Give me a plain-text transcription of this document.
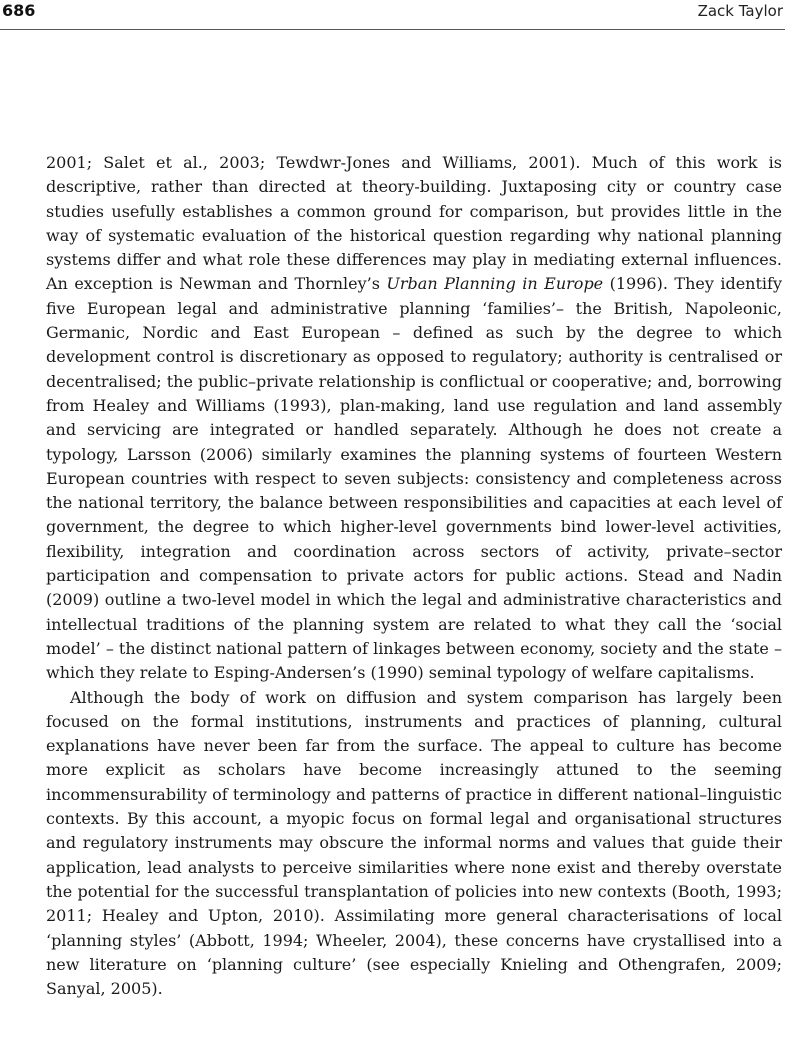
686	Zack Taylor

2001; Salet et al., 2003; Tewdwr-Jones and Williams, 2001). Much of this work is descriptive, rather than directed at theory-building. Juxtaposing city or country case studies usefully establishes a common ground for comparison, but provides little in the way of systematic evaluation of the historical question regarding why national planning systems differ and what role these differences may play in mediating external influences. An exception is Newman and Thornley’s Urban Planning in Europe (1996). They identify five European legal and administrative planning ‘families’– the British, Napoleonic, Germanic, Nordic and East European – defined as such by the degree to which development control is discretionary as opposed to regulatory; authority is centralised or decentralised; the public–private relationship is conflictual or cooperative; and, borrowing from Healey and Williams (1993), plan-making, land use regulation and land assembly and servicing are integrated or handled separately. Although he does not create a typology, Larsson (2006) similarly examines the planning systems of fourteen Western European countries with respect to seven subjects: consistency and completeness across the national territory, the balance between responsibilities and capacities at each level of government, the degree to which higher-level governments bind lower-level activities, flexibility, integration and coordination across sectors of activity, private–sector participation and compensation to private actors for public actions. Stead and Nadin (2009) outline a two-level model in which the legal and administrative characteristics and intellectual traditions of the planning system are related to what they call the ‘social model’ – the distinct national pattern of linkages between economy, society and the state – which they relate to Esping-Andersen’s (1990) seminal typology of welfare capitalisms.

Although the body of work on diffusion and system comparison has largely been focused on the formal institutions, instruments and practices of planning, cultural explanations have never been far from the surface. The appeal to culture has become more explicit as scholars have become increasingly attuned to the seeming incommensurability of terminology and patterns of practice in different national–linguistic contexts. By this account, a myopic focus on formal legal and organisational structures and regulatory instruments may obscure the informal norms and values that guide their application, lead analysts to perceive similarities where none exist and thereby overstate the potential for the successful transplantation of policies into new contexts (Booth, 1993; 2011; Healey and Upton, 2010). Assimilating more general characterisations of local ‘planning styles’ (Abbott, 1994; Wheeler, 2004), these concerns have crystallised into a new literature on ‘planning culture’ (see especially Knieling and Othengrafen, 2009; Sanyal, 2005).
